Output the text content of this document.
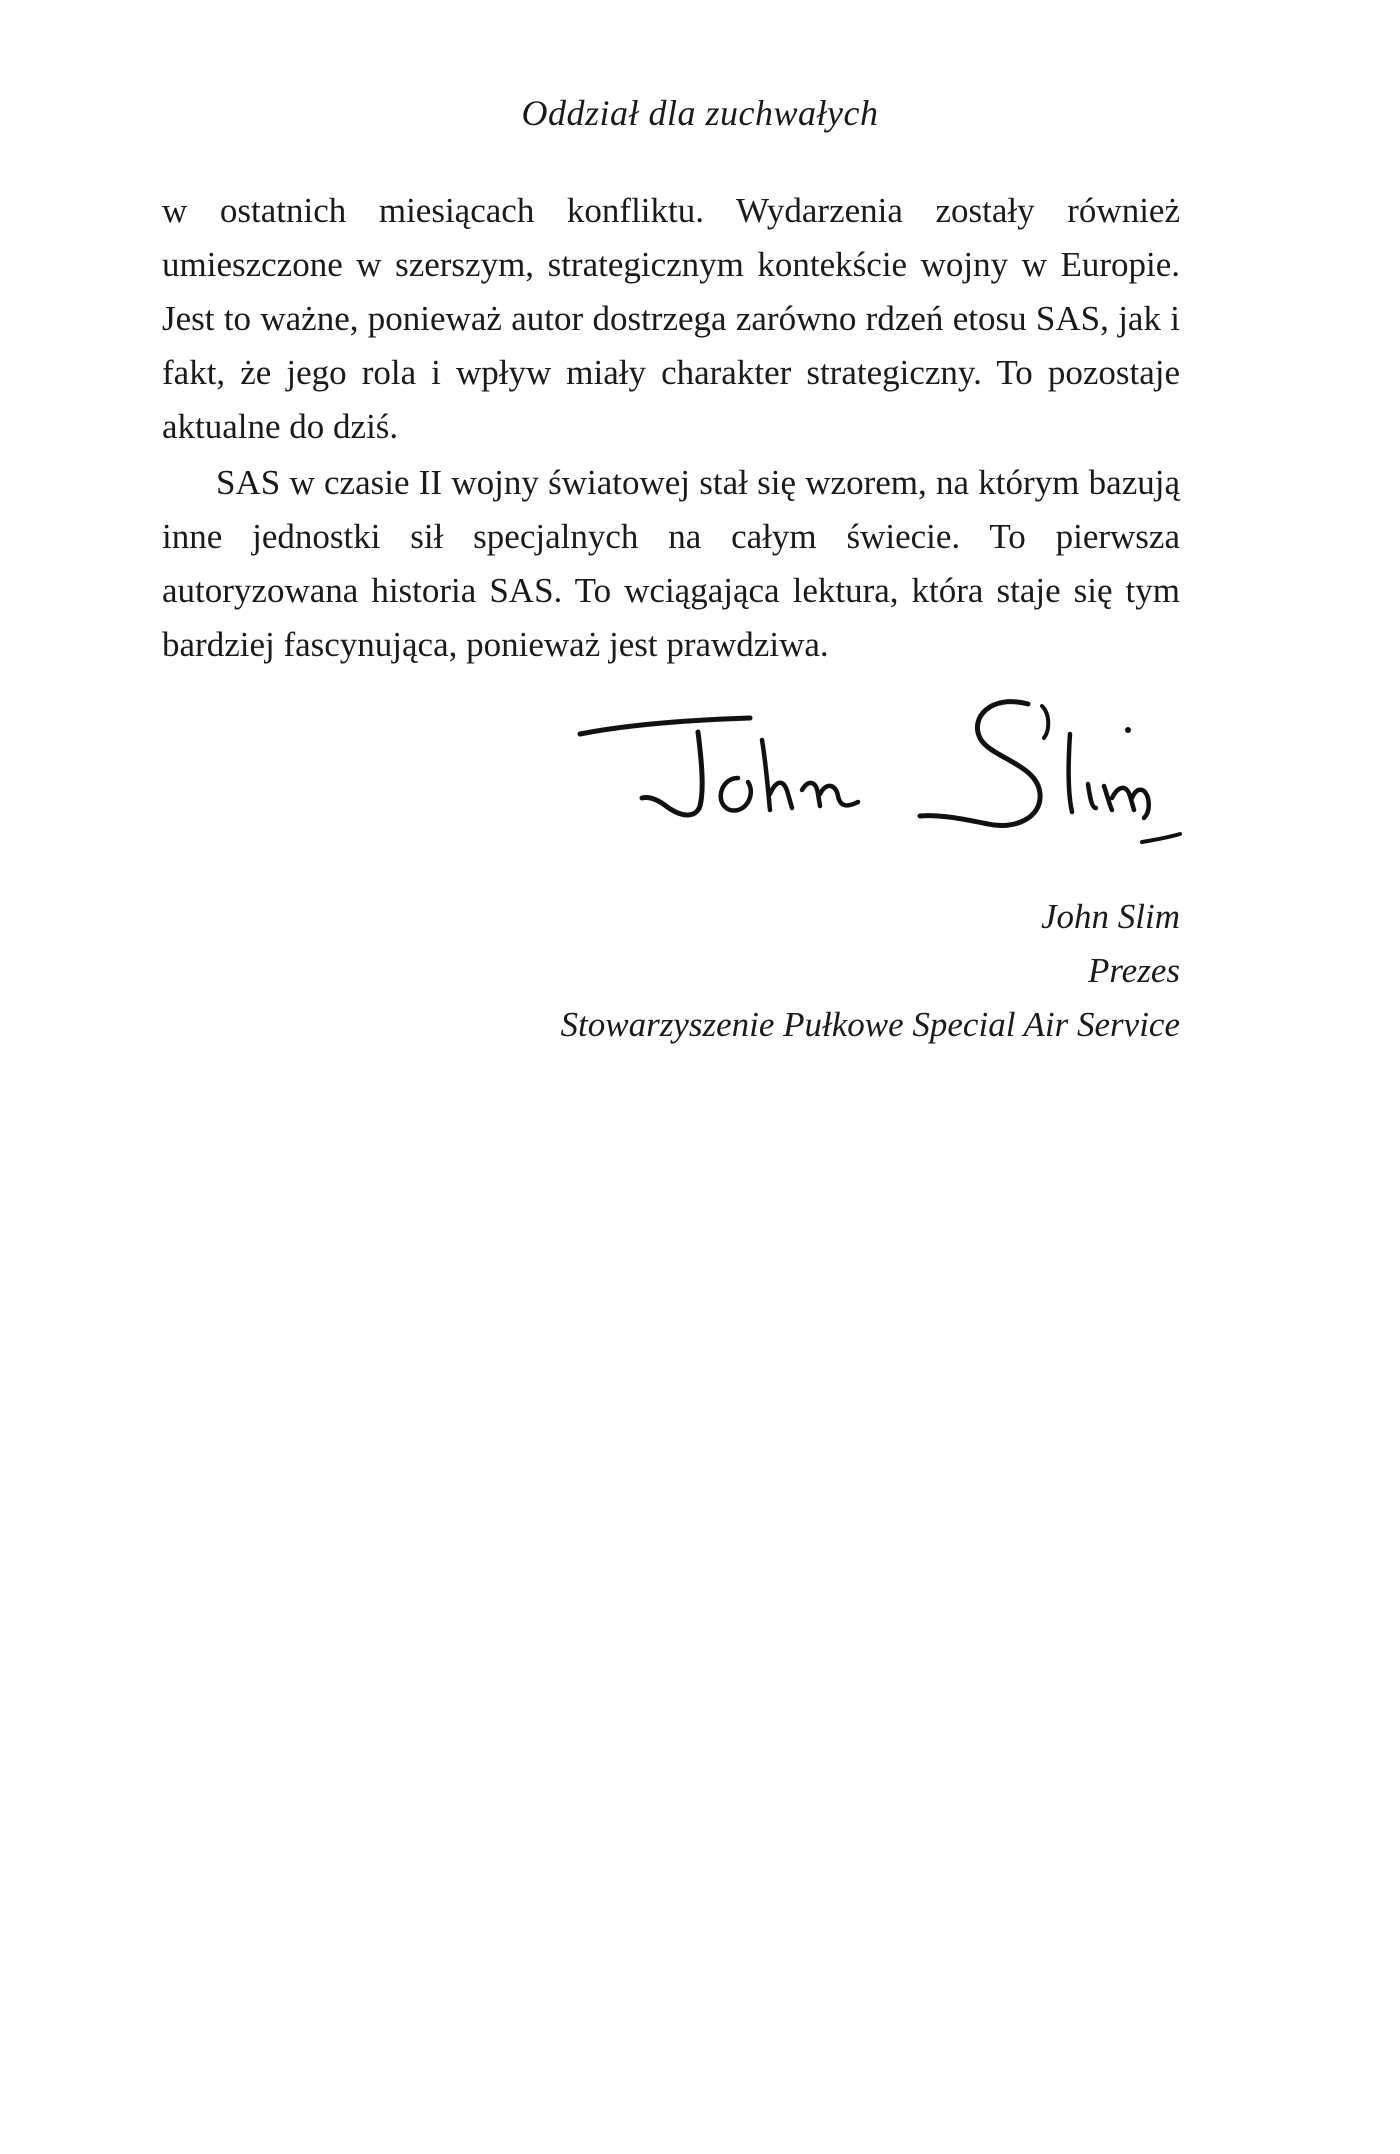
Oddział dla zuchwałych

w ostatnich miesiącach konfliktu. Wydarzenia zostały również umieszczone w szerszym, strategicznym kontekście wojny w Europie. Jest to ważne, ponieważ autor dostrzega zarówno rdzeń etosu SAS, jak i fakt, że jego rola i wpływ miały charakter strategiczny. To pozostaje aktualne do dziś.

SAS w czasie II wojny światowej stał się wzorem, na którym bazują inne jednostki sił specjalnych na całym świecie. To pierwsza autoryzowana historia SAS. To wciągająca lektura, która staje się tym bardziej fascynująca, ponieważ jest prawdziwa.

John Slim
Prezes
Stowarzyszenie Pułkowe Special Air Service
